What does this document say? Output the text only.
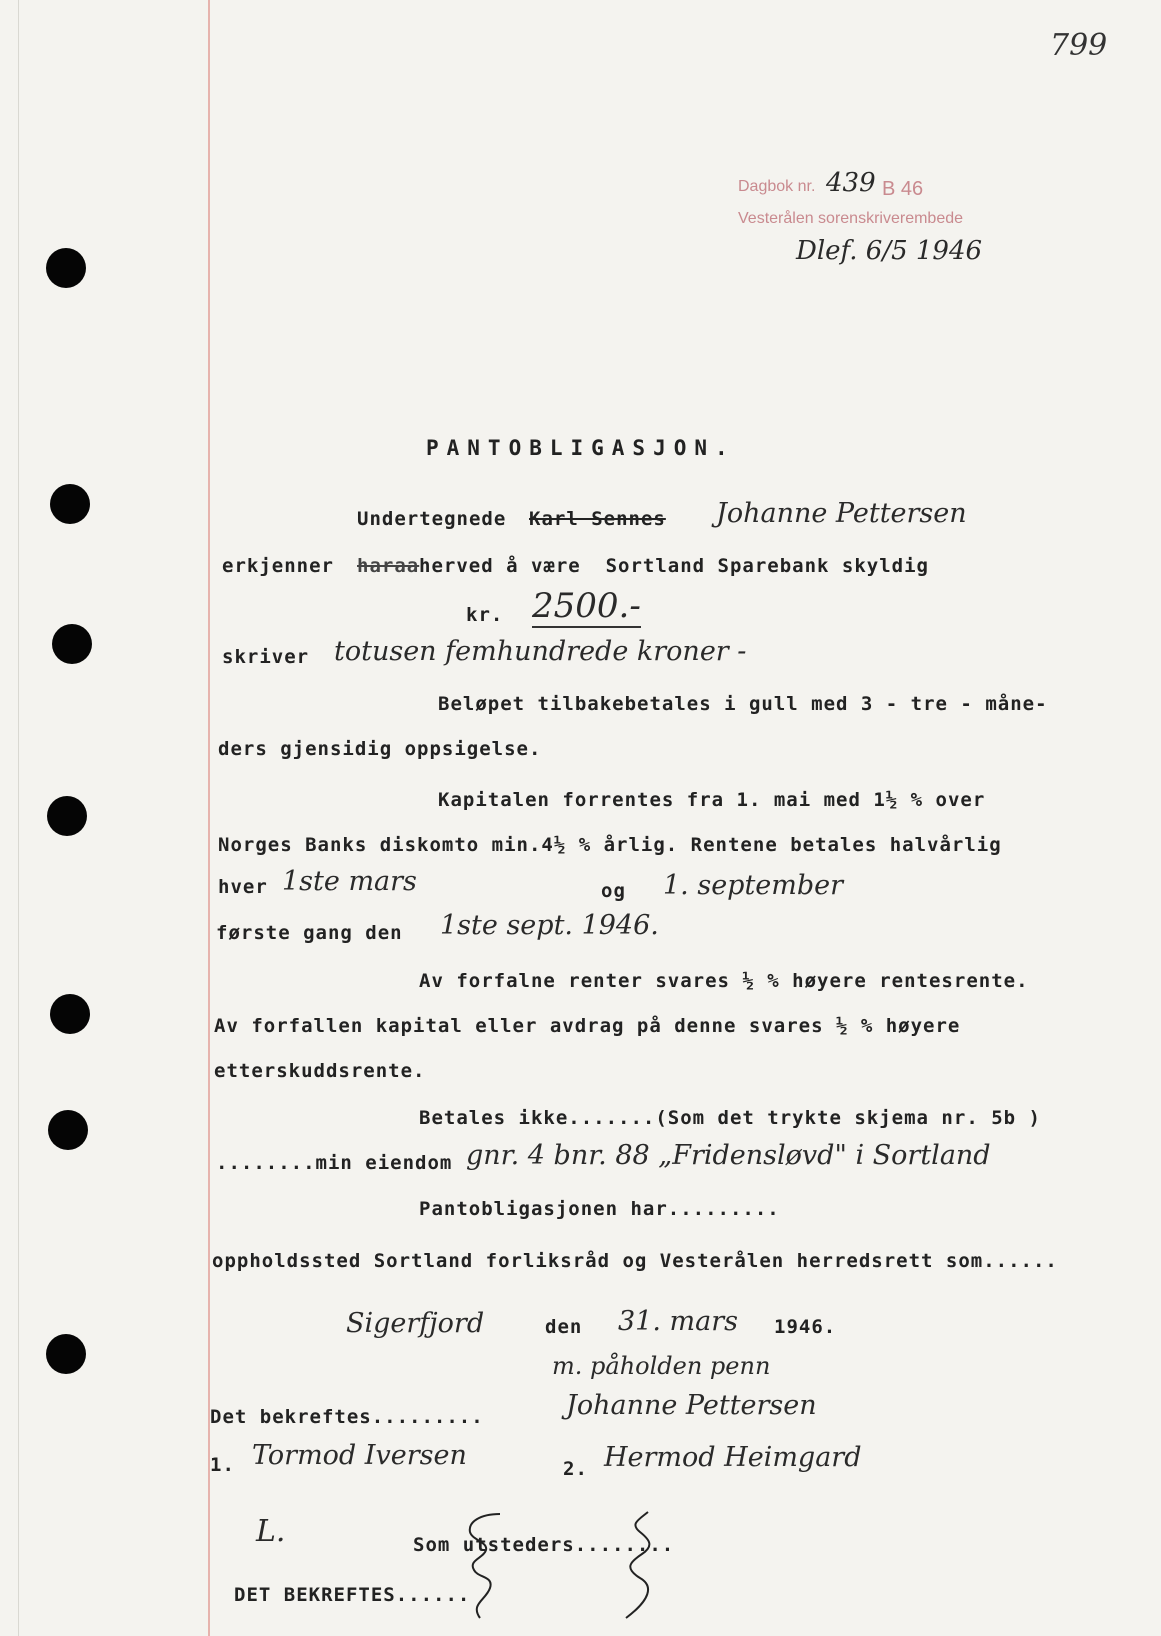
799
Dagbok nr. 439 B 46
Vesterålen sorenskriverembede
Dlef. 6/5 1946
PANTOBLIGASJON.
Undertegnede Karl Sennes Johanne Pettersen
erkjenner haraa herved å være  Sortland Sparebank skyldig
kr. 2500.-
skriver totusen femhundrede kroner -
Beløpet tilbakebetales i gull med 3 - tre - måne-
ders gjensidig oppsigelse.
Kapitalen forrentes fra 1. mai med 1½ % over
Norges Banks diskomto min.4½ % årlig. Rentene betales halvårlig
hver 1ste mars	og 1. september
første gang den 1ste sept. 1946.
Av forfalne renter svares ½ % høyere rentesrente.
Av forfallen kapital eller avdrag på denne svares ½ % høyere
etterskuddsrente.
Betales ikke.......(Som det trykte skjema nr. 5b )
........min eiendom gnr. 4 bnr. 88 „Fridensløvd" i Sortland
Pantobligasjonen har.........
oppholdssted Sortland forliksråd og Vesterålen herredsrett som......
Sigerfjord	den 31. mars 1946.
m. påholden penn
Johanne Pettersen
Det bekreftes.........
1. Tormod Iversen	2. Hermod Heimgard
L.	Som utsteders........
DET BEKREFTES......
